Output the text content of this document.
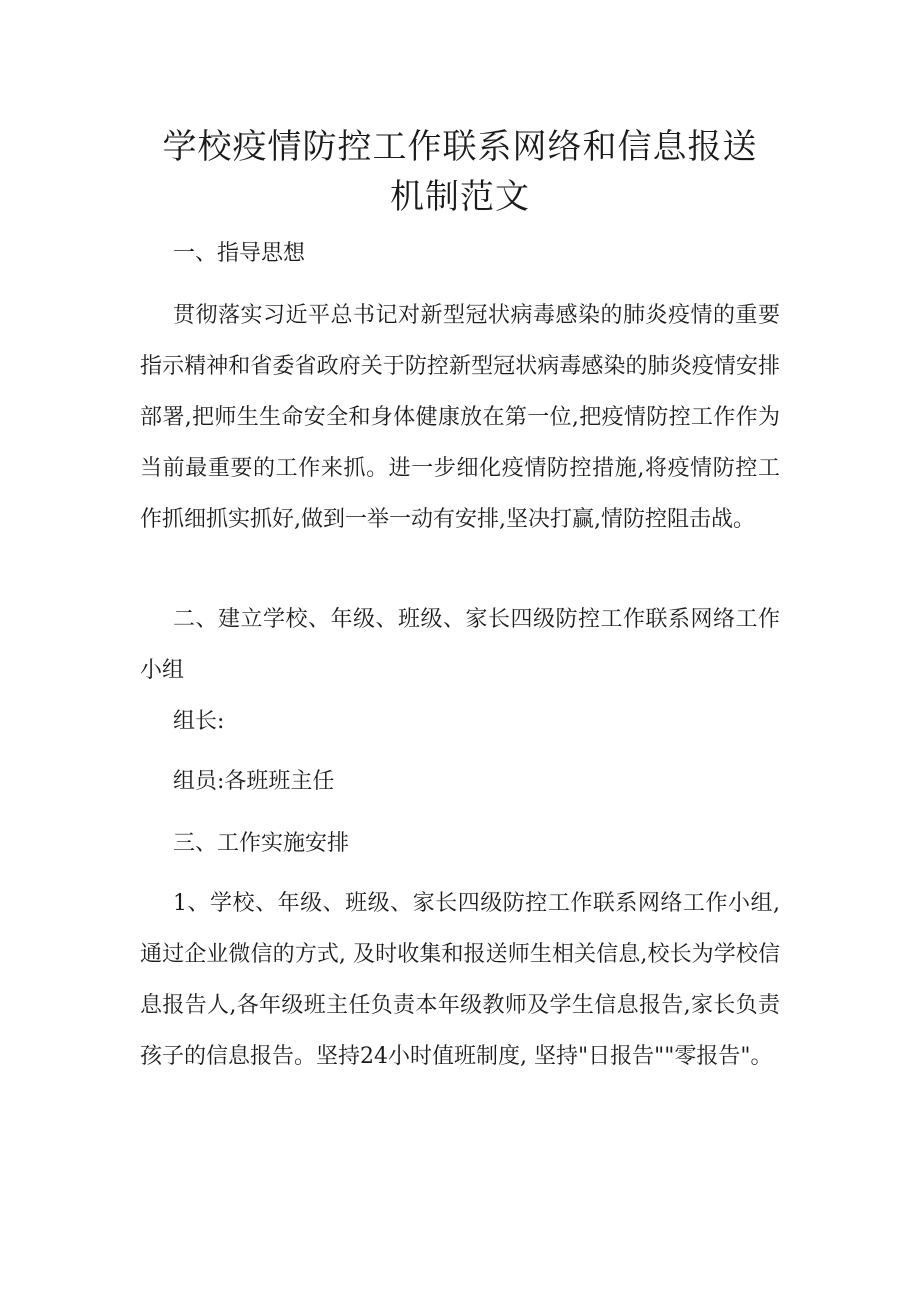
学校疫情防控工作联系网络和信息报送
机制范文

一、指导思想

贯彻落实习近平总书记对新型冠状病毒感染的肺炎疫情的重要指示精神和省委省政府关于防控新型冠状病毒感染的肺炎疫情安排部署,把师生生命安全和身体健康放在第一位,把疫情防控工作作为当前最重要的工作来抓。进一步细化疫情防控措施,将疫情防控工作抓细抓实抓好,做到一举一动有安排,坚决打赢,情防控阻击战。

二、建立学校、年级、班级、家长四级防控工作联系网络工作小组

组长:

组员:各班班主任

三、工作实施安排

1、学校、年级、班级、家长四级防控工作联系网络工作小组,通过企业微信的方式, 及时收集和报送师生相关信息,校长为学校信息报告人,各年级班主任负责本年级教师及学生信息报告,家长负责孩子的信息报告。坚持24小时值班制度, 坚持"日报告""零报告"。
